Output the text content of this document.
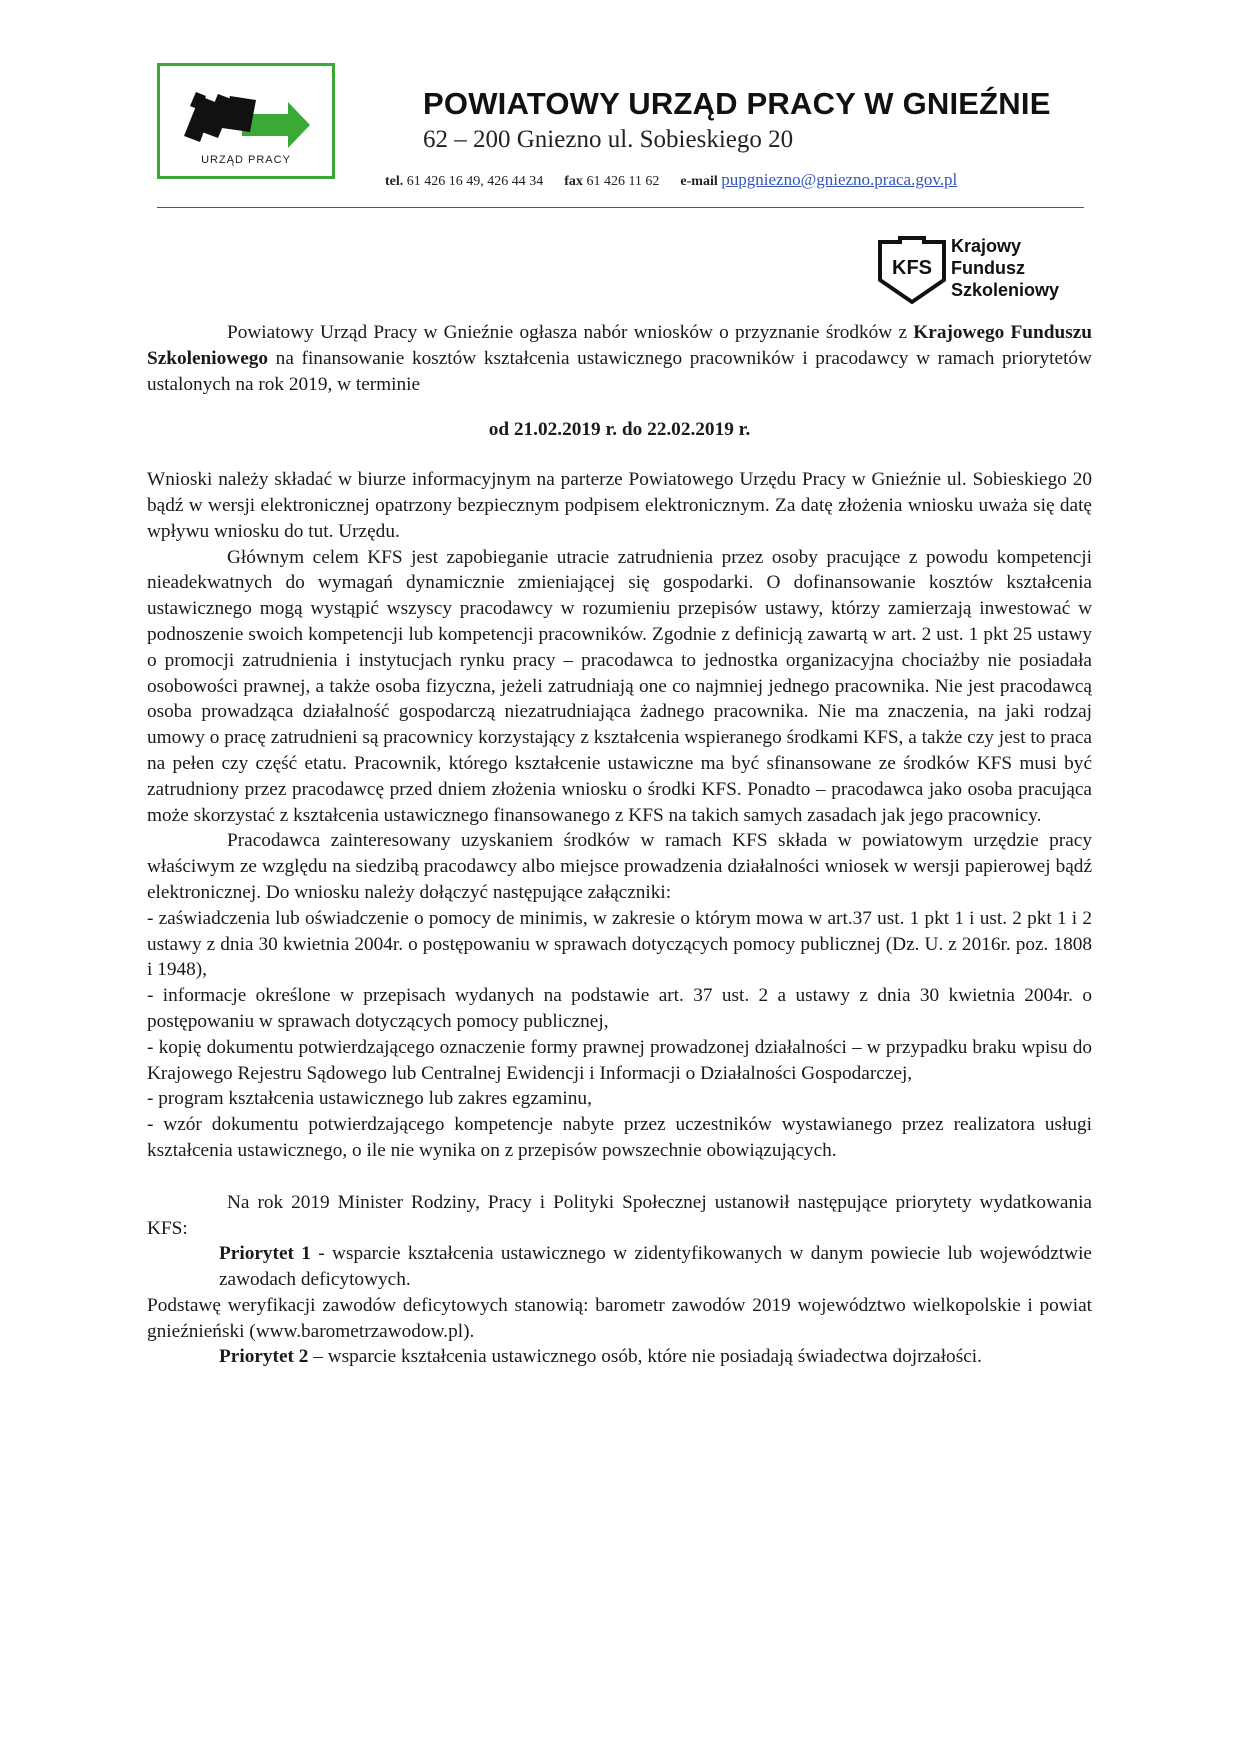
URZĄD PRACY
POWIATOWY URZĄD PRACY W GNIEŹNIE
62 – 200 Gniezno ul. Sobieskiego 20
tel. 61 426 16 49, 426 44 34 fax 61 426 11 62 e-mail pupgniezno@gniezno.praca.gov.pl
KFS
Krajowy
Fundusz
Szkoleniowy

Powiatowy Urząd Pracy w Gnieźnie ogłasza nabór wniosków o przyznanie środków z Krajowego Funduszu Szkoleniowego na finansowanie kosztów kształcenia ustawicznego pracowników i pracodawcy w ramach priorytetów ustalonych na rok 2019, w terminie

od 21.02.2019 r. do 22.02.2019 r.

Wnioski należy składać w biurze informacyjnym na parterze Powiatowego Urzędu Pracy w Gnieźnie ul. Sobieskiego 20 bądź w wersji elektronicznej opatrzony bezpiecznym podpisem elektronicznym. Za datę złożenia wniosku uważa się datę wpływu wniosku do tut. Urzędu.

Głównym celem KFS jest zapobieganie utracie zatrudnienia przez osoby pracujące z powodu kompetencji nieadekwatnych do wymagań dynamicznie zmieniającej się gospodarki. O dofinansowanie kosztów kształcenia ustawicznego mogą wystąpić wszyscy pracodawcy w rozumieniu przepisów ustawy, którzy zamierzają inwestować w podnoszenie swoich kompetencji lub kompetencji pracowników. Zgodnie z definicją zawartą w art. 2 ust. 1 pkt 25 ustawy o promocji zatrudnienia i instytucjach rynku pracy – pracodawca to jednostka organizacyjna chociażby nie posiadała osobowości prawnej, a także osoba fizyczna, jeżeli zatrudniają one co najmniej jednego pracownika. Nie jest pracodawcą osoba prowadząca działalność gospodarczą niezatrudniająca żadnego pracownika. Nie ma znaczenia, na jaki rodzaj umowy o pracę zatrudnieni są pracownicy korzystający z kształcenia wspieranego środkami KFS, a także czy jest to praca na pełen czy część etatu. Pracownik, którego kształcenie ustawiczne ma być sfinansowane ze środków KFS musi być zatrudniony przez pracodawcę przed dniem złożenia wniosku o środki KFS. Ponadto – pracodawca jako osoba pracująca może skorzystać z kształcenia ustawicznego finansowanego z KFS na takich samych zasadach jak jego pracownicy.

Pracodawca zainteresowany uzyskaniem środków w ramach KFS składa w powiatowym urzędzie pracy właściwym ze względu na siedzibą pracodawcy albo miejsce prowadzenia działalności wniosek w wersji papierowej bądź elektronicznej. Do wniosku należy dołączyć następujące załączniki:

- zaświadczenia lub oświadczenie o pomocy de minimis, w zakresie o którym mowa w art.37 ust. 1 pkt 1 i ust. 2 pkt 1 i 2 ustawy z dnia 30 kwietnia 2004r. o postępowaniu w sprawach dotyczących pomocy publicznej (Dz. U. z 2016r. poz. 1808 i 1948),

- informacje określone w przepisach wydanych na podstawie art. 37 ust. 2 a ustawy z dnia 30 kwietnia 2004r. o postępowaniu w sprawach dotyczących pomocy publicznej,

- kopię dokumentu potwierdzającego oznaczenie formy prawnej prowadzonej działalności – w przypadku braku wpisu do Krajowego Rejestru Sądowego lub Centralnej Ewidencji i Informacji o Działalności Gospodarczej,

- program kształcenia ustawicznego lub zakres egzaminu,

- wzór dokumentu potwierdzającego kompetencje nabyte przez uczestników wystawianego przez realizatora usługi kształcenia ustawicznego, o ile nie wynika on z przepisów powszechnie obowiązujących.

Na rok 2019 Minister Rodziny, Pracy i Polityki Społecznej ustanowił następujące priorytety wydatkowania KFS:

Priorytet 1 - wsparcie kształcenia ustawicznego w zidentyfikowanych w danym powiecie lub województwie zawodach deficytowych.

Podstawę weryfikacji zawodów deficytowych stanowią: barometr zawodów 2019 województwo wielkopolskie i powiat gnieźnieński (www.barometrzawodow.pl).

Priorytet 2 – wsparcie kształcenia ustawicznego osób, które nie posiadają świadectwa dojrzałości.
